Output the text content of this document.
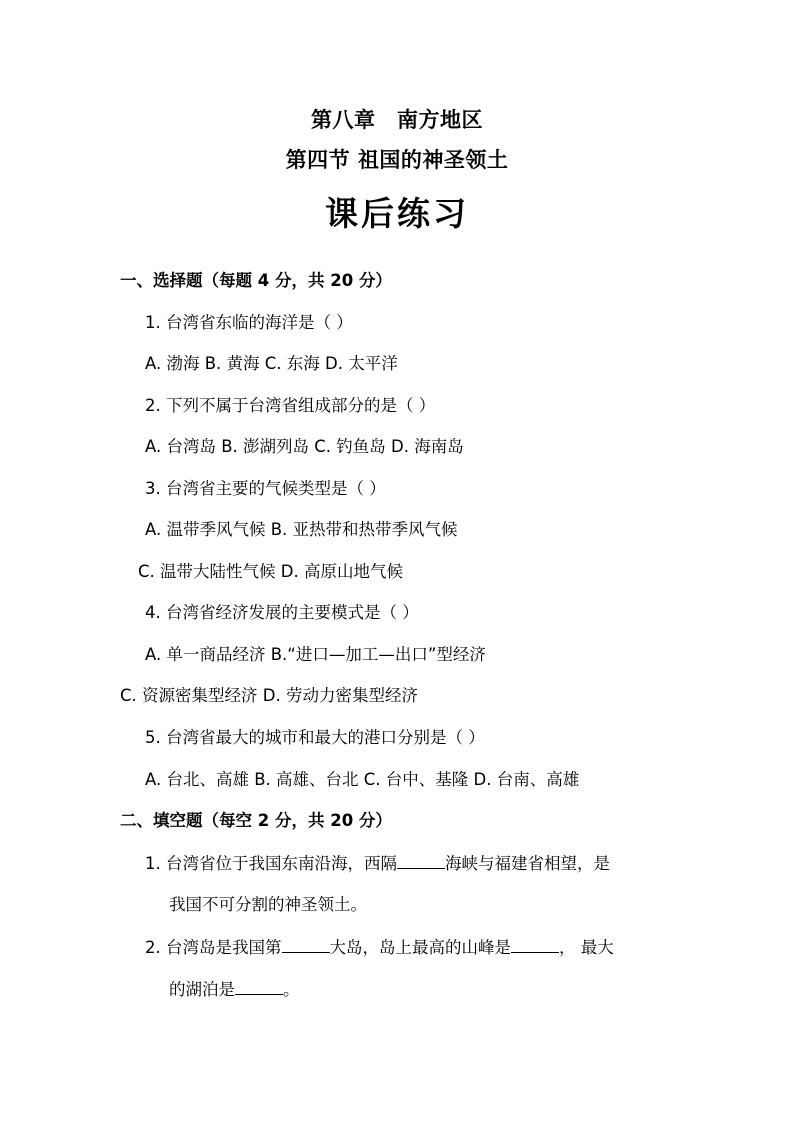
第八章　南方地区
第四节 祖国的神圣领土
课后练习
一、选择题（每题 4 分，共 20 分）
1. 台湾省东临的海洋是（ ）
A. 渤海 B. 黄海 C. 东海 D. 太平洋
2. 下列不属于台湾省组成部分的是（ ）
A. 台湾岛 B. 澎湖列岛 C. 钓鱼岛 D. 海南岛
3. 台湾省主要的气候类型是（ ）
A. 温带季风气候 B. 亚热带和热带季风气候
C. 温带大陆性气候 D. 高原山地气候
4. 台湾省经济发展的主要模式是（ ）
A. 单一商品经济 B.“进口—加工—出口”型经济
C. 资源密集型经济 D. 劳动力密集型经济
5. 台湾省最大的城市和最大的港口分别是（ ）
A. 台北、高雄 B. 高雄、台北 C. 台中、基隆 D. 台南、高雄
二、填空题（每空 2 分，共 20 分）
1. 台湾省位于我国东南沿海，西隔	海峡与福建省相望，是
我国不可分割的神圣领土。
2. 台湾岛是我国第	大岛，岛上最高的山峰是	， 最大
的湖泊是	。
